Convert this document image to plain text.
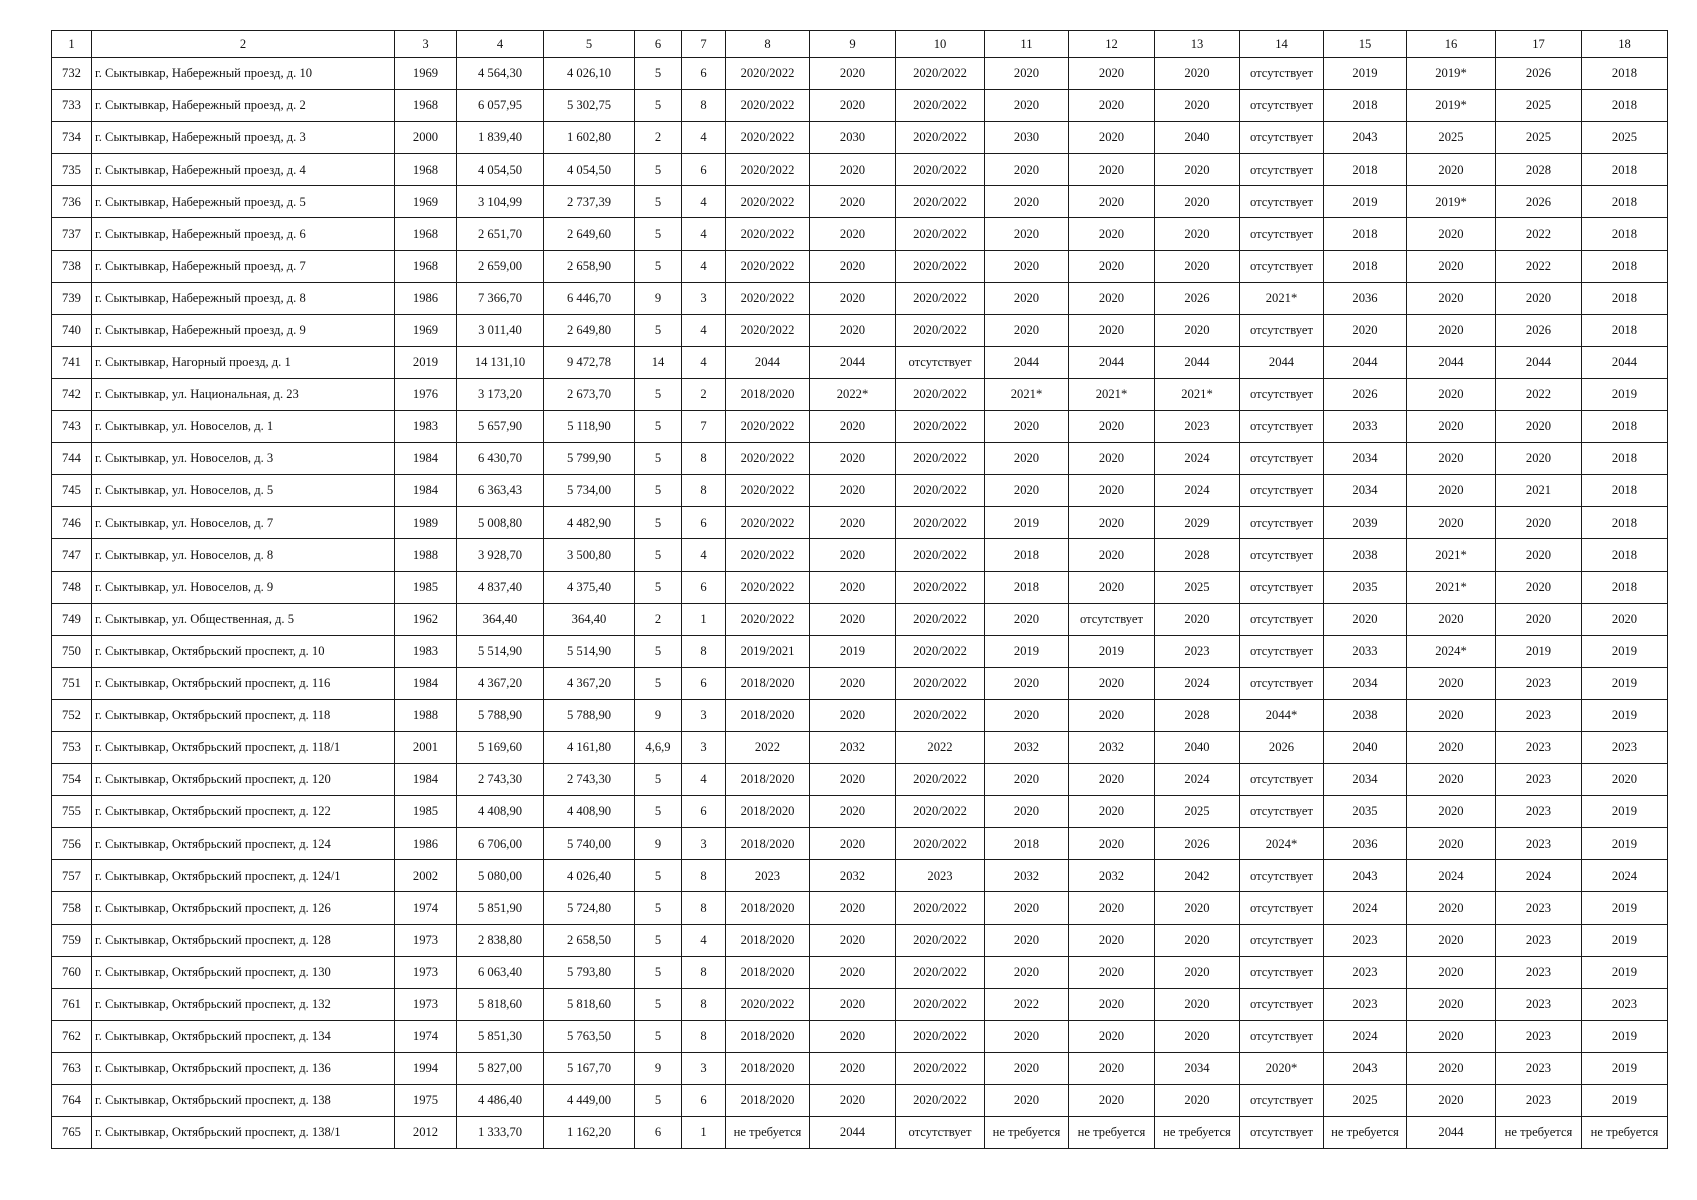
1	2	3	4	5	6	7	8	9	10	11	12	13	14	15	16	17	18
732	г. Сыктывкар, Набережный проезд, д. 10	1969	4 564,30	4 026,10	5	6	2020/2022	2020	2020/2022	2020	2020	2020	отсутствует	2019	2019*	2026	2018
733	г. Сыктывкар, Набережный проезд, д. 2	1968	6 057,95	5 302,75	5	8	2020/2022	2020	2020/2022	2020	2020	2020	отсутствует	2018	2019*	2025	2018
734	г. Сыктывкар, Набережный проезд, д. 3	2000	1 839,40	1 602,80	2	4	2020/2022	2030	2020/2022	2030	2020	2040	отсутствует	2043	2025	2025	2025
735	г. Сыктывкар, Набережный проезд, д. 4	1968	4 054,50	4 054,50	5	6	2020/2022	2020	2020/2022	2020	2020	2020	отсутствует	2018	2020	2028	2018
736	г. Сыктывкар, Набережный проезд, д. 5	1969	3 104,99	2 737,39	5	4	2020/2022	2020	2020/2022	2020	2020	2020	отсутствует	2019	2019*	2026	2018
737	г. Сыктывкар, Набережный проезд, д. 6	1968	2 651,70	2 649,60	5	4	2020/2022	2020	2020/2022	2020	2020	2020	отсутствует	2018	2020	2022	2018
738	г. Сыктывкар, Набережный проезд, д. 7	1968	2 659,00	2 658,90	5	4	2020/2022	2020	2020/2022	2020	2020	2020	отсутствует	2018	2020	2022	2018
739	г. Сыктывкар, Набережный проезд, д. 8	1986	7 366,70	6 446,70	9	3	2020/2022	2020	2020/2022	2020	2020	2026	2021*	2036	2020	2020	2018
740	г. Сыктывкар, Набережный проезд, д. 9	1969	3 011,40	2 649,80	5	4	2020/2022	2020	2020/2022	2020	2020	2020	отсутствует	2020	2020	2026	2018
741	г. Сыктывкар, Нагорный проезд, д. 1	2019	14 131,10	9 472,78	14	4	2044	2044	отсутствует	2044	2044	2044	2044	2044	2044	2044	2044
742	г. Сыктывкар, ул. Национальная, д. 23	1976	3 173,20	2 673,70	5	2	2018/2020	2022*	2020/2022	2021*	2021*	2021*	отсутствует	2026	2020	2022	2019
743	г. Сыктывкар, ул. Новоселов, д. 1	1983	5 657,90	5 118,90	5	7	2020/2022	2020	2020/2022	2020	2020	2023	отсутствует	2033	2020	2020	2018
744	г. Сыктывкар, ул. Новоселов, д. 3	1984	6 430,70	5 799,90	5	8	2020/2022	2020	2020/2022	2020	2020	2024	отсутствует	2034	2020	2020	2018
745	г. Сыктывкар, ул. Новоселов, д. 5	1984	6 363,43	5 734,00	5	8	2020/2022	2020	2020/2022	2020	2020	2024	отсутствует	2034	2020	2021	2018
746	г. Сыктывкар, ул. Новоселов, д. 7	1989	5 008,80	4 482,90	5	6	2020/2022	2020	2020/2022	2019	2020	2029	отсутствует	2039	2020	2020	2018
747	г. Сыктывкар, ул. Новоселов, д. 8	1988	3 928,70	3 500,80	5	4	2020/2022	2020	2020/2022	2018	2020	2028	отсутствует	2038	2021*	2020	2018
748	г. Сыктывкар, ул. Новоселов, д. 9	1985	4 837,40	4 375,40	5	6	2020/2022	2020	2020/2022	2018	2020	2025	отсутствует	2035	2021*	2020	2018
749	г. Сыктывкар, ул. Общественная, д. 5	1962	364,40	364,40	2	1	2020/2022	2020	2020/2022	2020	отсутствует	2020	отсутствует	2020	2020	2020	2020
750	г. Сыктывкар, Октябрьский проспект, д. 10	1983	5 514,90	5 514,90	5	8	2019/2021	2019	2020/2022	2019	2019	2023	отсутствует	2033	2024*	2019	2019
751	г. Сыктывкар, Октябрьский проспект, д. 116	1984	4 367,20	4 367,20	5	6	2018/2020	2020	2020/2022	2020	2020	2024	отсутствует	2034	2020	2023	2019
752	г. Сыктывкар, Октябрьский проспект, д. 118	1988	5 788,90	5 788,90	9	3	2018/2020	2020	2020/2022	2020	2020	2028	2044*	2038	2020	2023	2019
753	г. Сыктывкар, Октябрьский проспект, д. 118/1	2001	5 169,60	4 161,80	4,6,9	3	2022	2032	2022	2032	2032	2040	2026	2040	2020	2023	2023
754	г. Сыктывкар, Октябрьский проспект, д. 120	1984	2 743,30	2 743,30	5	4	2018/2020	2020	2020/2022	2020	2020	2024	отсутствует	2034	2020	2023	2020
755	г. Сыктывкар, Октябрьский проспект, д. 122	1985	4 408,90	4 408,90	5	6	2018/2020	2020	2020/2022	2020	2020	2025	отсутствует	2035	2020	2023	2019
756	г. Сыктывкар, Октябрьский проспект, д. 124	1986	6 706,00	5 740,00	9	3	2018/2020	2020	2020/2022	2018	2020	2026	2024*	2036	2020	2023	2019
757	г. Сыктывкар, Октябрьский проспект, д. 124/1	2002	5 080,00	4 026,40	5	8	2023	2032	2023	2032	2032	2042	отсутствует	2043	2024	2024	2024
758	г. Сыктывкар, Октябрьский проспект, д. 126	1974	5 851,90	5 724,80	5	8	2018/2020	2020	2020/2022	2020	2020	2020	отсутствует	2024	2020	2023	2019
759	г. Сыктывкар, Октябрьский проспект, д. 128	1973	2 838,80	2 658,50	5	4	2018/2020	2020	2020/2022	2020	2020	2020	отсутствует	2023	2020	2023	2019
760	г. Сыктывкар, Октябрьский проспект, д. 130	1973	6 063,40	5 793,80	5	8	2018/2020	2020	2020/2022	2020	2020	2020	отсутствует	2023	2020	2023	2019
761	г. Сыктывкар, Октябрьский проспект, д. 132	1973	5 818,60	5 818,60	5	8	2020/2022	2020	2020/2022	2022	2020	2020	отсутствует	2023	2020	2023	2023
762	г. Сыктывкар, Октябрьский проспект, д. 134	1974	5 851,30	5 763,50	5	8	2018/2020	2020	2020/2022	2020	2020	2020	отсутствует	2024	2020	2023	2019
763	г. Сыктывкар, Октябрьский проспект, д. 136	1994	5 827,00	5 167,70	9	3	2018/2020	2020	2020/2022	2020	2020	2034	2020*	2043	2020	2023	2019
764	г. Сыктывкар, Октябрьский проспект, д. 138	1975	4 486,40	4 449,00	5	6	2018/2020	2020	2020/2022	2020	2020	2020	отсутствует	2025	2020	2023	2019
765	г. Сыктывкар, Октябрьский проспект, д. 138/1	2012	1 333,70	1 162,20	6	1	не требуется	2044	отсутствует	не требуется	не требуется	не требуется	отсутствует	не требуется	2044	не требуется	не требуется
